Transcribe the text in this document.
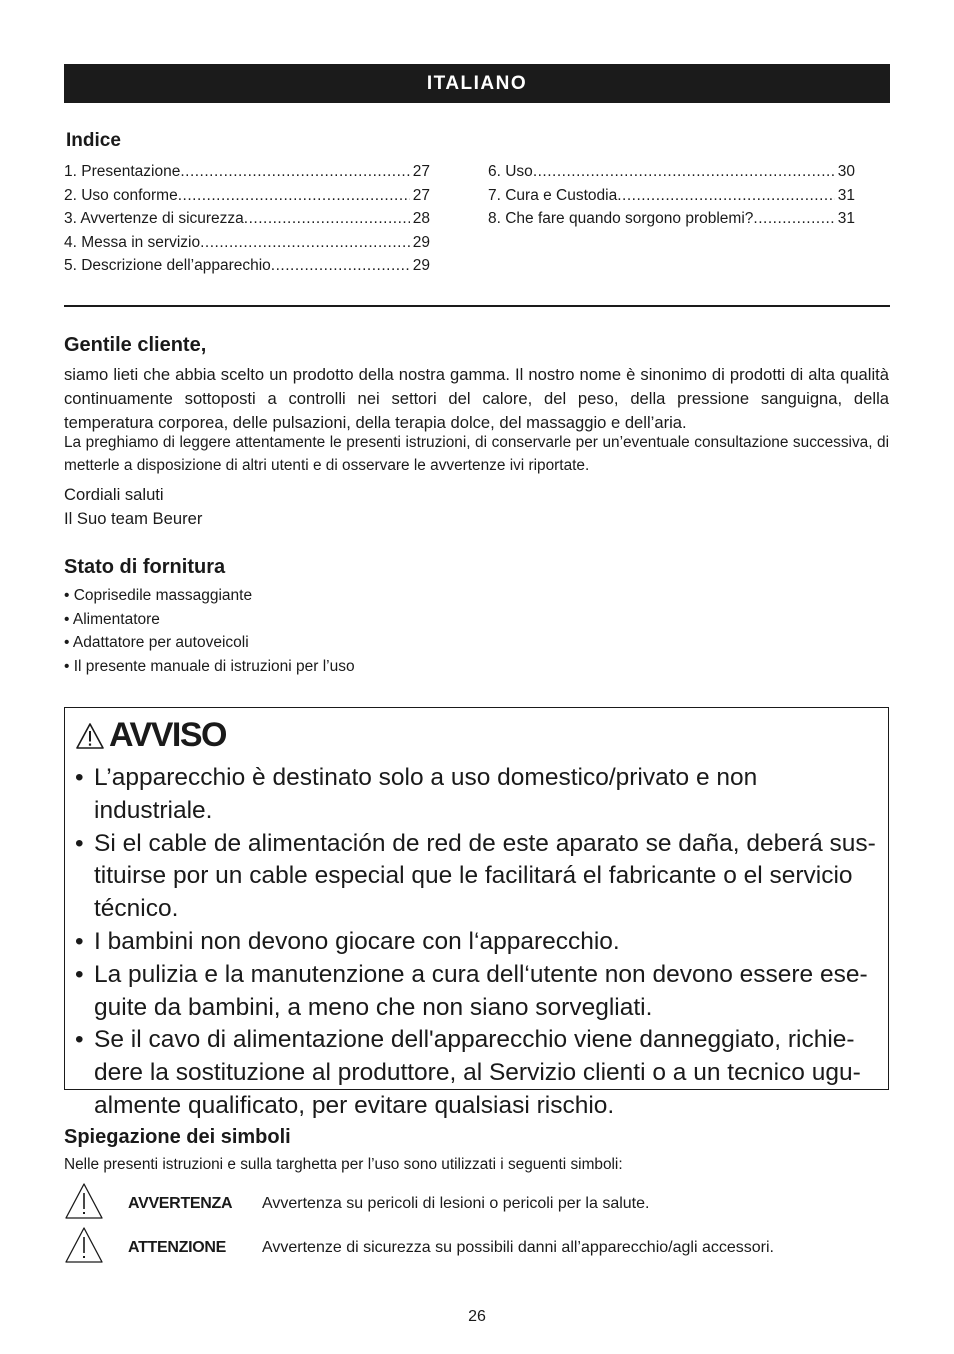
ITALIANO
Indice
1. Presentazione .....	27
2. Uso conforme .....	27
3. Avvertenze di sicurezza .....	28
4. Messa in servizio .....	29
5. Descrizione dell’apparechio .....	29
6. Uso .....	30
7. Cura e Custodia .....	31
8. Che fare quando sorgono problemi? .....	31
Gentile cliente,

siamo lieti che abbia scelto un prodotto della nostra gamma. Il nostro nome è sinonimo di prodotti di alta qualità continuamente sottoposti a controlli nei settori del calore, del peso, della pressione sanguigna, della temperatura corporea, delle pulsazioni, della terapia dolce, del massaggio e dell’aria.

La preghiamo di leggere attentamente le presenti istruzioni, di conservarle per un’eventuale consultazione successiva, di metterle a disposizione di altri utenti e di osservare le avvertenze ivi riportate.

Cordiali saluti
Il Suo team Beurer
Stato di fornitura
• Coprisedile massaggiante
• Alimentatore
• Adattatore per autoveicoli
• Il presente manuale di istruzioni per l’uso
AVVISO
• L’apparecchio è destinato solo a uso domestico/privato e non industriale.
• Si el cable de alimentación de red de este aparato se daña, deberá sus-tituirse por un cable especial que le facilitará el fabricante o el servicio técnico.
• I bambini non devono giocare con l‘apparecchio.
• La pulizia e la manutenzione a cura dell‘utente non devono essere ese-guite da bambini, a meno che non siano sorvegliati.
• Se il cavo di alimentazione dell'apparecchio viene danneggiato, richie-dere la sostituzione al produttore, al Servizio clienti o a un tecnico ugu-almente qualificato, per evitare qualsiasi rischio.
Spiegazione dei simboli
Nelle presenti istruzioni e sulla targhetta per l’uso sono utilizzati i seguenti simboli:
AVVERTENZA Avvertenza su pericoli di lesioni o pericoli per la salute.
ATTENZIONE Avvertenze di sicurezza su possibili danni all’apparecchio/agli accessori.
26
